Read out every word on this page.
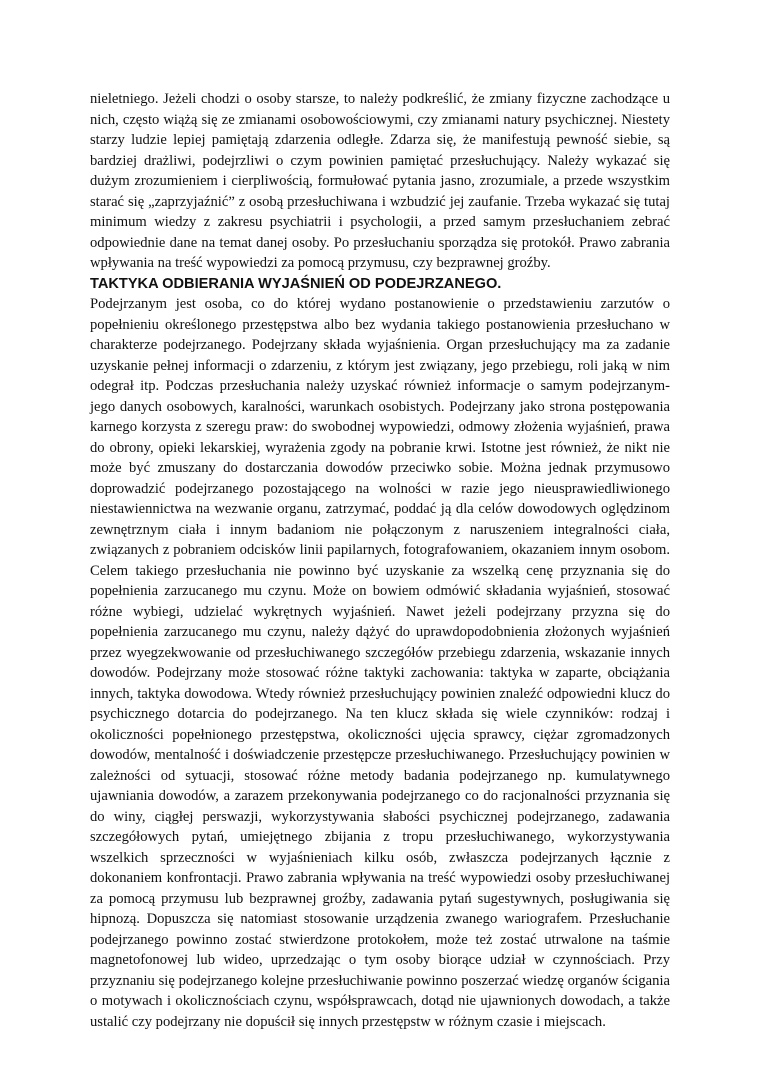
nieletniego. Jeżeli chodzi o osoby starsze, to należy podkreślić, że zmiany fizyczne zachodzące u nich, często wiążą się ze zmianami osobowościowymi, czy zmianami natury psychicznej. Niestety starzy ludzie lepiej pamiętają zdarzenia odległe. Zdarza się, że manifestują pewność siebie, są bardziej drażliwi, podejrzliwi o czym powinien pamiętać przesłuchujący. Należy wykazać się dużym zrozumieniem i cierpliwością, formułować pytania jasno, zrozumiale, a przede wszystkim starać się „zaprzyjaźnić” z osobą przesłuchiwana i wzbudzić jej zaufanie. Trzeba wykazać się tutaj minimum wiedzy z zakresu psychiatrii i psychologii, a przed samym przesłuchaniem zebrać odpowiednie dane na temat danej osoby. Po przesłuchaniu sporządza się protokół. Prawo zabrania wpływania na treść wypowiedzi za pomocą przymusu, czy bezprawnej groźby.

TAKTYKA ODBIERANIA WYJAŚNIEŃ OD PODEJRZANEGO.

Podejrzanym jest osoba, co do której wydano postanowienie o przedstawieniu zarzutów o popełnieniu określonego przestępstwa albo bez wydania takiego postanowienia przesłuchano w charakterze podejrzanego. Podejrzany składa wyjaśnienia. Organ przesłuchujący ma za zadanie uzyskanie pełnej informacji o zdarzeniu, z którym jest związany, jego przebiegu, roli jaką w nim odegrał itp. Podczas przesłuchania należy uzyskać również informacje o samym podejrzanym- jego danych osobowych, karalności, warunkach osobistych. Podejrzany jako strona postępowania karnego korzysta z szeregu praw: do swobodnej wypowiedzi, odmowy złożenia wyjaśnień, prawa do obrony, opieki lekarskiej, wyrażenia zgody na pobranie krwi. Istotne jest również, że nikt nie może być zmuszany do dostarczania dowodów przeciwko sobie. Można jednak przymusowo doprowadzić podejrzanego pozostającego na wolności w razie jego nieusprawiedliwionego niestawiennictwa na wezwanie organu, zatrzymać, poddać ją dla celów dowodowych oględzinom zewnętrznym ciała i innym badaniom nie połączonym z naruszeniem integralności ciała, związanych z pobraniem odcisków linii papilarnych, fotografowaniem, okazaniem innym osobom. Celem takiego przesłuchania nie powinno być uzyskanie za wszelką cenę przyznania się do popełnienia zarzucanego mu czynu. Może on bowiem odmówić składania wyjaśnień, stosować różne wybiegi, udzielać wykrętnych wyjaśnień. Nawet jeżeli podejrzany przyzna się do popełnienia zarzucanego mu czynu, należy dążyć do uprawdopodobnienia złożonych wyjaśnień przez wyegzekwowanie od przesłuchiwanego szczegółów przebiegu zdarzenia, wskazanie innych dowodów. Podejrzany może stosować różne taktyki zachowania: taktyka w zaparte, obciążania innych, taktyka dowodowa. Wtedy również przesłuchujący powinien znaleźć odpowiedni klucz do psychicznego dotarcia do podejrzanego. Na ten klucz składa się wiele czynników: rodzaj i okoliczności popełnionego przestępstwa, okoliczności ujęcia sprawcy, ciężar zgromadzonych dowodów, mentalność i doświadczenie przestępcze przesłuchiwanego. Przesłuchujący powinien w zależności od sytuacji, stosować różne metody badania podejrzanego np. kumulatywnego ujawniania dowodów, a zarazem przekonywania podejrzanego co do racjonalności przyznania się do winy, ciągłej perswazji, wykorzystywania słabości psychicznej podejrzanego, zadawania szczegółowych pytań, umiejętnego zbijania z tropu przesłuchiwanego, wykorzystywania wszelkich sprzeczności w wyjaśnieniach kilku osób, zwłaszcza podejrzanych łącznie z dokonaniem konfrontacji. Prawo zabrania wpływania na treść wypowiedzi osoby przesłuchiwanej za pomocą przymusu lub bezprawnej groźby, zadawania pytań sugestywnych, posługiwania się hipnozą. Dopuszcza się natomiast stosowanie urządzenia zwanego wariografem. Przesłuchanie podejrzanego powinno zostać stwierdzone protokołem, może też zostać utrwalone na taśmie magnetofonowej lub wideo, uprzedzając o tym osoby biorące udział w czynnościach. Przy przyznaniu się podejrzanego kolejne przesłuchiwanie powinno poszerzać wiedzę organów ścigania o motywach i okolicznościach czynu, współsprawcach, dotąd nie ujawnionych dowodach, a także ustalić czy podejrzany nie dopuścił się innych przestępstw w różnym czasie i miejscach.
